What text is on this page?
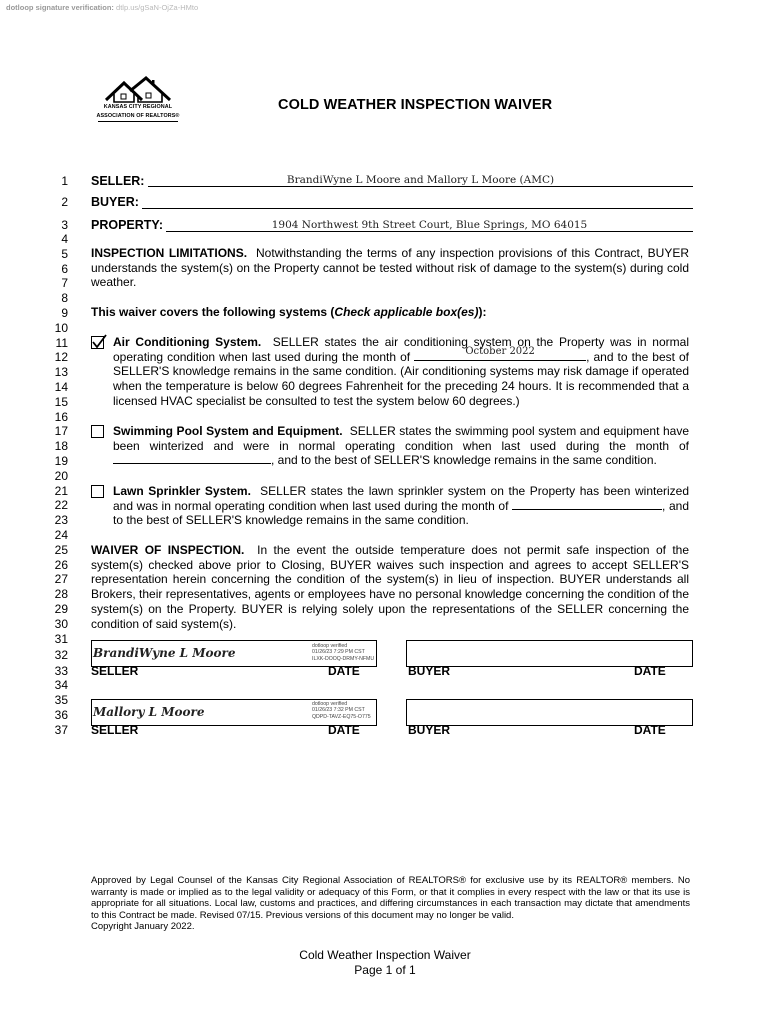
dotloop signature verification: dtlp.us/gSaN-OjZa-HMto
KANSAS CITY REGIONAL
ASSOCIATION OF REALTORS®
COLD WEATHER INSPECTION WAIVER
1
2
3
4
5
6
7
8
9
10
11
12
13
14
15
16
17
18
19
20
21
22
23
24
25
26
27
28
29
30
31
32
33
34
35
36
37
SELLER:	BrandiWyne L Moore and Mallory L Moore (AMC)
BUYER:
PROPERTY:	1904 Northwest 9th Street Court, Blue Springs, MO 64015
INSPECTION LIMITATIONS. Notwithstanding the terms of any inspection provisions of this Contract, BUYER understands the system(s) on the Property cannot be tested without risk of damage to the system(s) during cold weather.
This waiver covers the following systems (Check applicable box(es)):
Air Conditioning System. SELLER states the air conditioning system on the Property was in normal operating condition when last used during the month of	October 2022	, and to the best of SELLER'S knowledge remains in the same condition. (Air conditioning systems may risk damage if operated when the temperature is below 60 degrees Fahrenheit for the preceding 24 hours. It is recommended that a licensed HVAC specialist be consulted to test the system below 60 degrees.)
Swimming Pool System and Equipment. SELLER states the swimming pool system and equipment have been winterized and were in normal operating condition when last used during the month of
, and to the best of SELLER'S knowledge remains in the same condition.
Lawn Sprinkler System. SELLER states the lawn sprinkler system on the Property has been winterized and was in normal operating condition when last used during the month of	, and to the best of SELLER'S knowledge remains in the same condition.
WAIVER OF INSPECTION. In the event the outside temperature does not permit safe inspection of the system(s) checked above prior to Closing, BUYER waives such inspection and agrees to accept SELLER'S representation herein concerning the condition of the system(s) in lieu of inspection. BUYER understands all Brokers, their representatives, agents or employees have no personal knowledge concerning the condition of the system(s) on the Property. BUYER is relying solely upon the representations of the SELLER concerning the condition of said system(s).
BrandiWyne L Moore	dotloop verified
01/26/23 7:29 PM CST
ILXK-DOOQ-DRMY-NFMU
SELLER	DATE	BUYER	DATE
Mallory L Moore
dotloop verified
01/26/23 7:32 PM CST
QDPD-TAVZ-EQ75-O775
SELLER	DATE	BUYER	DATE
Approved by Legal Counsel of the Kansas City Regional Association of REALTORS® for exclusive use by its REALTOR® members. No warranty is made or implied as to the legal validity or adequacy of this Form, or that it complies in every respect with the law or that its use is appropriate for all situations. Local law, customs and practices, and differing circumstances in each transaction may dictate that amendments to this Contract be made. Revised 07/15. Previous versions of this document may no longer be valid.
Copyright January 2022.
Cold Weather Inspection Waiver
Page 1 of 1
